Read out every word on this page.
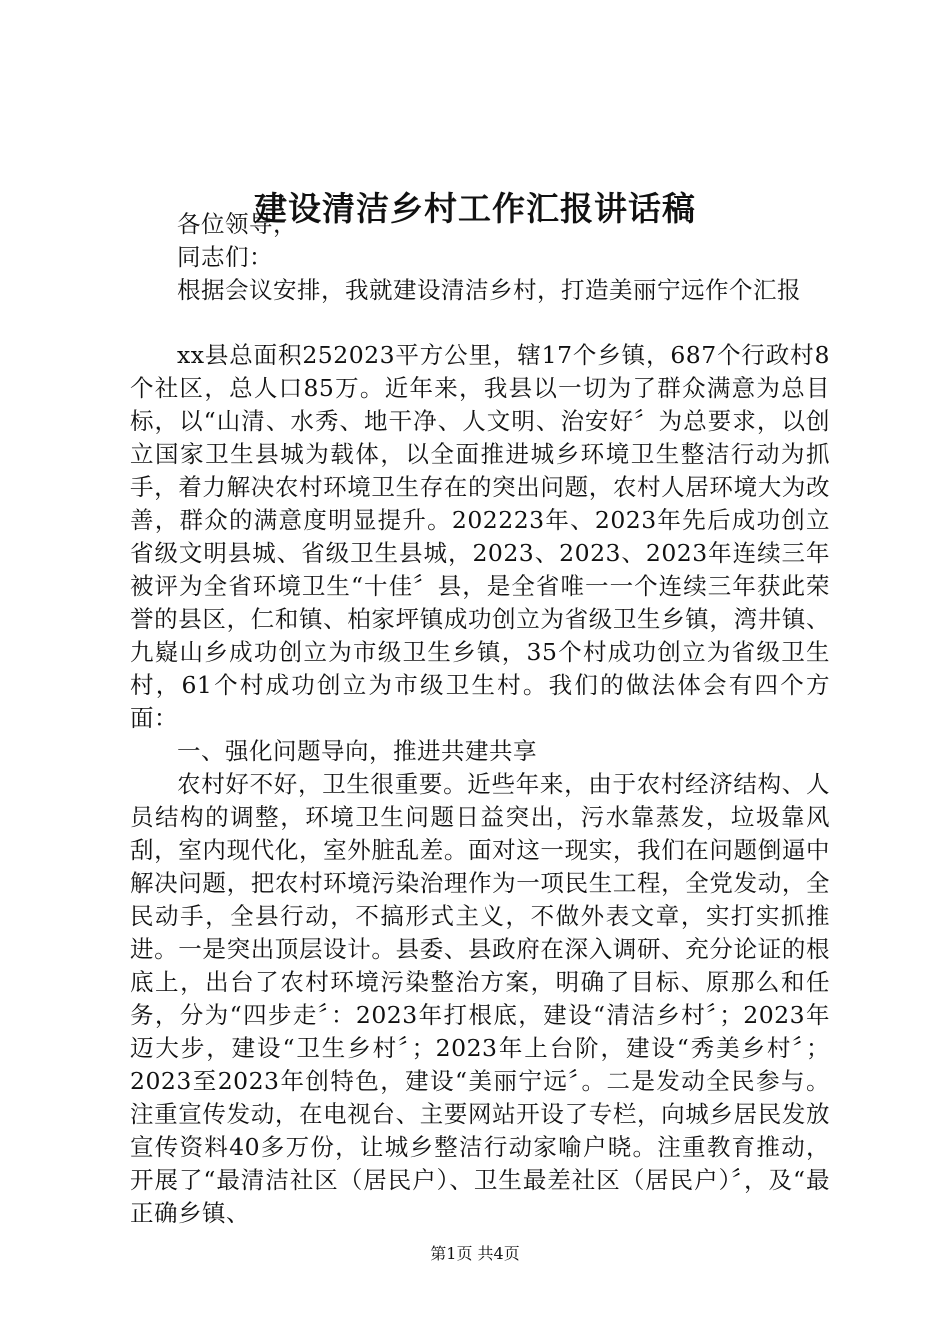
建设清洁乡村工作汇报讲话稿

各位领导，

同志们：

根据会议安排，我就建设清洁乡村，打造美丽宁远作个汇报

xx县总面积252023平方公里，辖17个乡镇，687个行政村8个社区，总人口85万。近年来，我县以一切为了群众满意为总目标，以“山清、水秀、地干净、人文明、治安好〞为总要求，以创立国家卫生县城为载体，以全面推进城乡环境卫生整洁行动为抓手，着力解决农村环境卫生存在的突出问题，农村人居环境大为改善，群众的满意度明显提升。202223年、2023年先后成功创立省级文明县城、省级卫生县城，2023、2023、2023年连续三年被评为全省环境卫生“十佳〞县，是全省唯一一个连续三年获此荣誉的县区，仁和镇、柏家坪镇成功创立为省级卫生乡镇，湾井镇、九嶷山乡成功创立为市级卫生乡镇，35个村成功创立为省级卫生村，61个村成功创立为市级卫生村。我们的做法体会有四个方面：

一、强化问题导向，推进共建共享

农村好不好，卫生很重要。近些年来，由于农村经济结构、人员结构的调整，环境卫生问题日益突出，污水靠蒸发，垃圾靠风刮，室内现代化，室外脏乱差。面对这一现实，我们在问题倒逼中解决问题，把农村环境污染治理作为一项民生工程，全党发动，全民动手，全县行动，不搞形式主义，不做外表文章，实打实抓推进。一是突出顶层设计。县委、县政府在深入调研、充分论证的根底上，出台了农村环境污染整治方案，明确了目标、原那么和任务，分为“四步走〞：2023年打根底，建设“清洁乡村〞；2023年迈大步，建设“卫生乡村〞；2023年上台阶，建设“秀美乡村〞；2023至2023年创特色，建设“美丽宁远〞。二是发动全民参与。注重宣传发动，在电视台、主要网站开设了专栏，向城乡居民发放宣传资料40多万份，让城乡整洁行动家喻户晓。注重教育推动，开展了“最清洁社区（居民户）、卫生最差社区（居民户）〞，及“最正确乡镇、

第1页 共4页
